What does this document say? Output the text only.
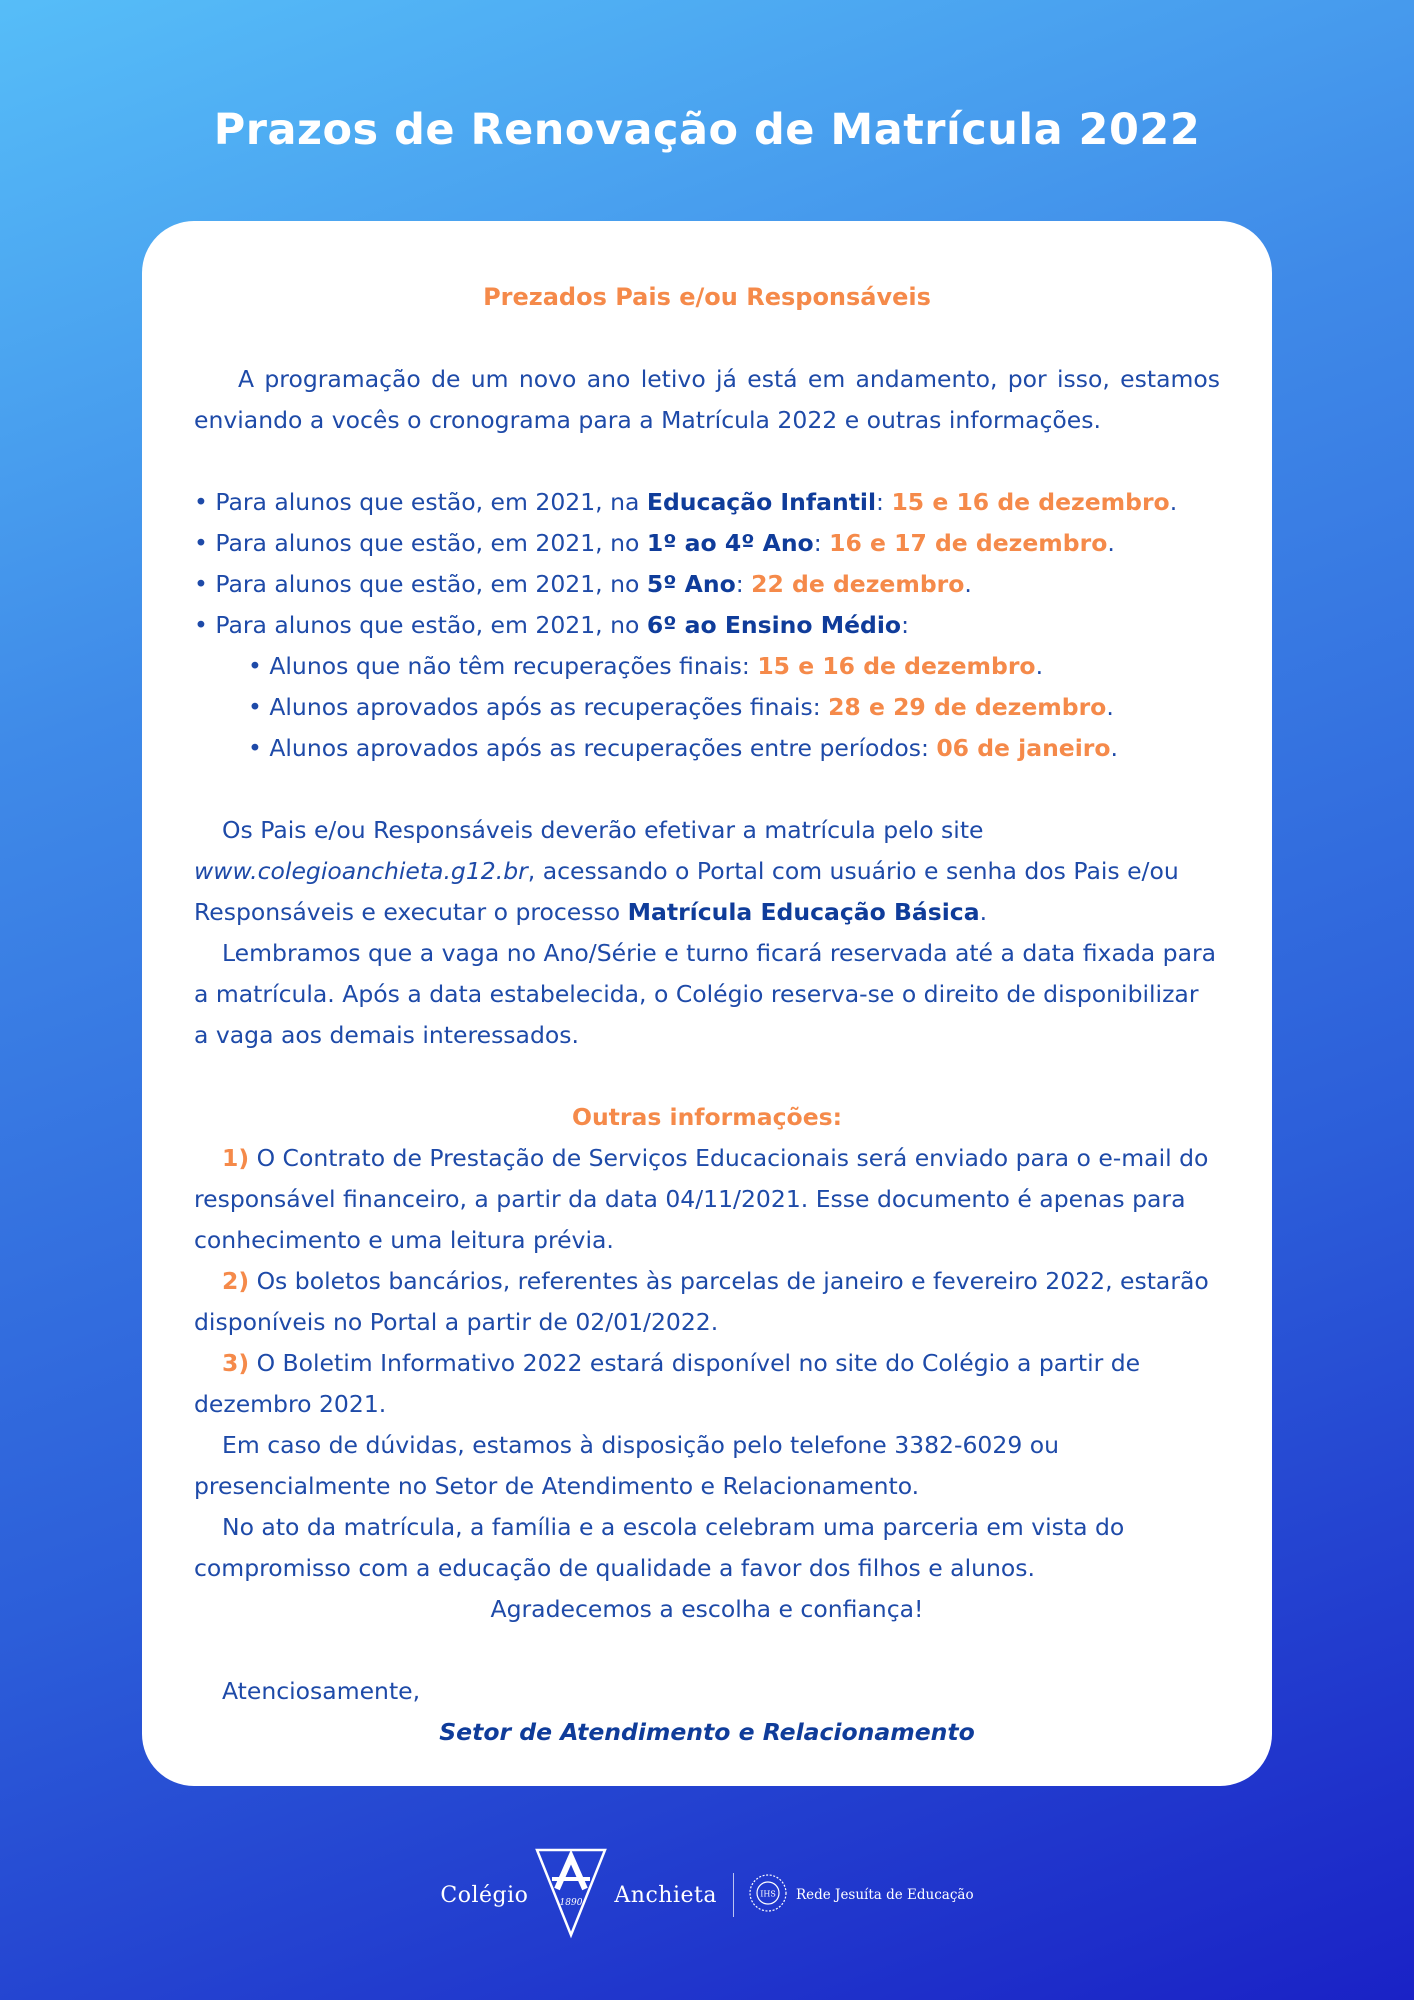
Prazos de Renovação de Matrícula 2022
Prezados Pais e/ou Responsáveis

A programação de um novo ano letivo já está em andamento, por isso, estamos enviando a vocês o cronograma para a Matrícula 2022 e outras informações.

• Para alunos que estão, em 2021, na Educação Infantil: 15 e 16 de dezembro.

• Para alunos que estão, em 2021, no 1º ao 4º Ano: 16 e 17 de dezembro.

• Para alunos que estão, em 2021, no 5º Ano: 22 de dezembro.

• Para alunos que estão, em 2021, no 6º ao Ensino Médio:

• Alunos que não têm recuperações finais: 15 e 16 de dezembro.

• Alunos aprovados após as recuperações finais: 28 e 29 de dezembro.

• Alunos aprovados após as recuperações entre períodos: 06 de janeiro.

Os Pais e/ou Responsáveis deverão efetivar a matrícula pelo site www.colegioanchieta.g12.br, acessando o Portal com usuário e senha dos Pais e/ou Responsáveis e executar o processo Matrícula Educação Básica.

Lembramos que a vaga no Ano/Série e turno ficará reservada até a data fixada para a matrícula. Após a data estabelecida, o Colégio reserva-se o direito de disponibilizar a vaga aos demais interessados.

Outras informações:

1) O Contrato de Prestação de Serviços Educacionais será enviado para o e-mail do responsável financeiro, a partir da data 04/11/2021. Esse documento é apenas para conhecimento e uma leitura prévia.

2) Os boletos bancários, referentes às parcelas de janeiro e fevereiro 2022, estarão disponíveis no Portal a partir de 02/01/2022.

3) O Boletim Informativo 2022 estará disponível no site do Colégio a partir de dezembro 2021.

Em caso de dúvidas, estamos à disposição pelo telefone 3382-6029 ou presencialmente no Setor de Atendimento e Relacionamento.

No ato da matrícula, a família e a escola celebram uma parceria em vista do compromisso com a educação de qualidade a favor dos filhos e alunos.

Agradecemos a escolha e confiança!

Atenciosamente,

Setor de Atendimento e Relacionamento
Colégio	1890 Anchieta	IHS Rede Jesuíta de Educação
